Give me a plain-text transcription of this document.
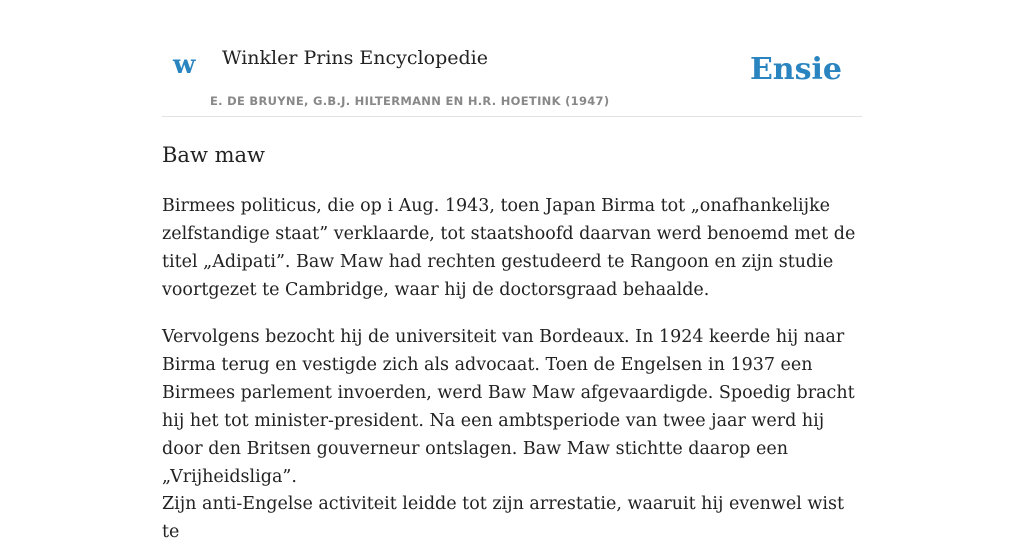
w Winkler Prins Encyclopedie
E. DE BRUYNE, G.B.J. HILTERMANN EN H.R. HOETINK (1947)
Ensie
Baw maw

Birmees politicus, die op i Aug. 1943, toen Japan Birma tot „onafhankelijke zelfstandige staat” verklaarde, tot staatshoofd daarvan werd benoemd met de titel „Adipati”. Baw Maw had rechten gestudeerd te Rangoon en zijn studie voortgezet te Cambridge, waar hij de doctorsgraad behaalde.

Vervolgens bezocht hij de universiteit van Bordeaux. In 1924 keerde hij naar Birma terug en vestigde zich als advocaat. Toen de Engelsen in 1937 een Birmees parlement invoerden, werd Baw Maw afgevaardigde. Spoedig bracht hij het tot minister-president. Na een ambtsperiode van twee jaar werd hij door den Britsen gouverneur ontslagen. Baw Maw stichtte daarop een „Vrijheidsliga”.

Zijn anti-Engelse activiteit leidde tot zijn arrestatie, waaruit hij evenwel wist te
